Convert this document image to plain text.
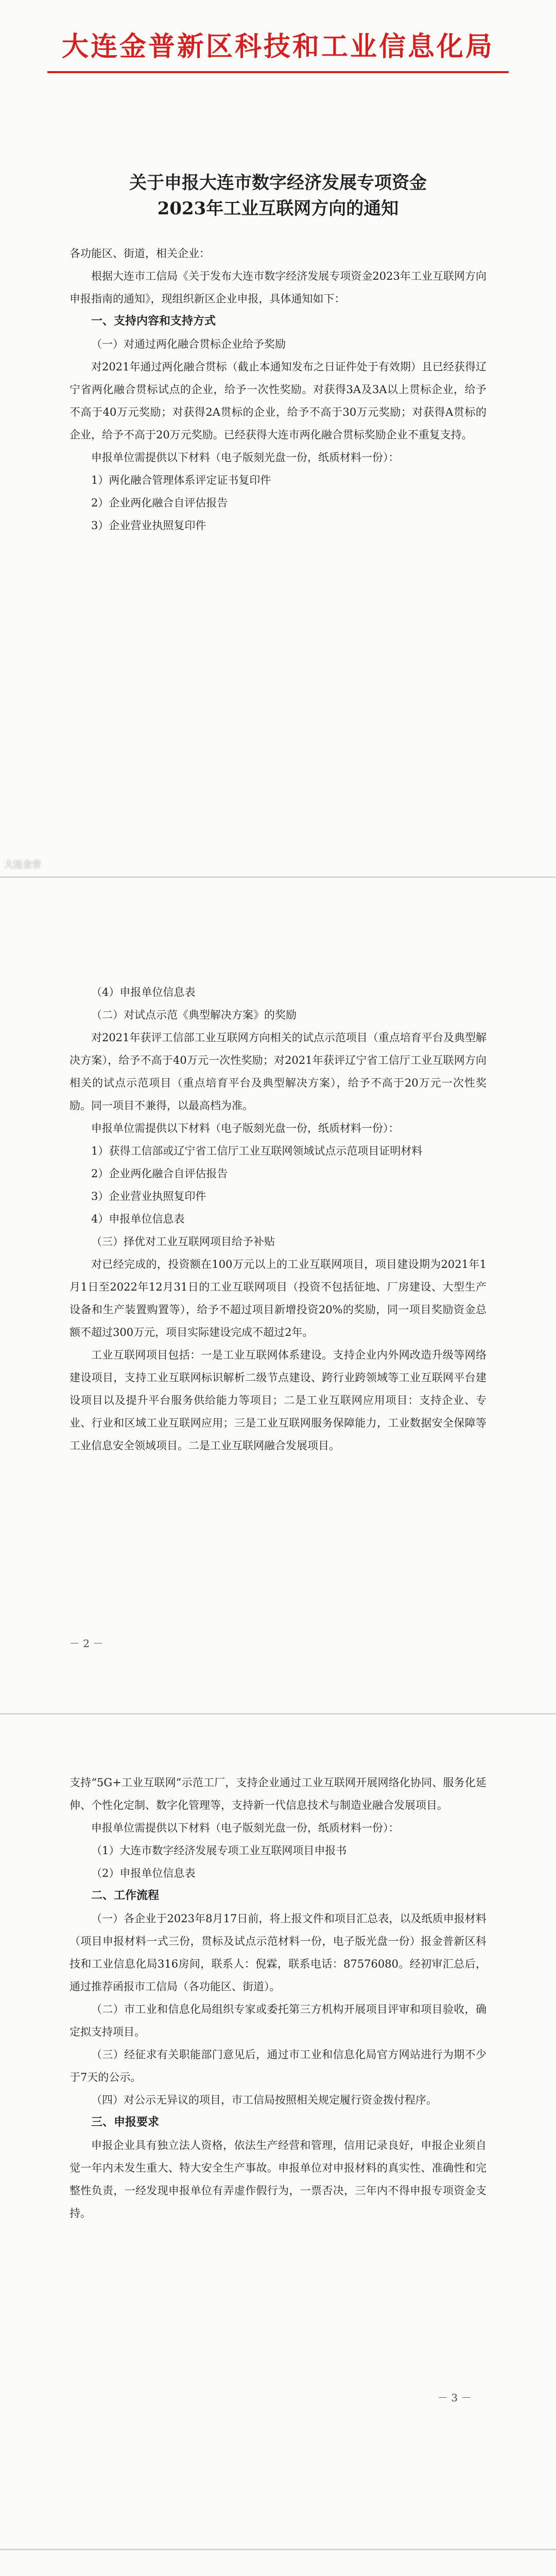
大连金普新区科技和工业信息化局
关于申报大连市数字经济发展专项资金
2023年工业互联网方向的通知

各功能区、街道，相关企业：

根据大连市工信局《关于发布大连市数字经济发展专项资金2023年工业互联网方向申报指南的通知》，现组织新区企业申报，具体通知如下：

一、支持内容和支持方式

（一）对通过两化融合贯标企业给予奖励

对2021年通过两化融合贯标（截止本通知发布之日证件处于有效期）且已经获得辽宁省两化融合贯标试点的企业，给予一次性奖励。对获得3A及3A以上贯标企业，给予不高于40万元奖励；对获得2A贯标的企业，给予不高于30万元奖励；对获得A贯标的企业，给予不高于20万元奖励。已经获得大连市两化融合贯标奖励企业不重复支持。

申报单位需提供以下材料（电子版刻光盘一份，纸质材料一份）：

1）两化融合管理体系评定证书复印件

2）企业两化融合自评估报告

3）企业营业执照复印件

大连金普

（4）申报单位信息表

（二）对试点示范《典型解决方案》的奖励

对2021年获评工信部工业互联网方向相关的试点示范项目（重点培育平台及典型解决方案），给予不高于40万元一次性奖励；对2021年获评辽宁省工信厅工业互联网方向相关的试点示范项目（重点培育平台及典型解决方案），给予不高于20万元一次性奖励。同一项目不兼得，以最高档为准。

申报单位需提供以下材料（电子版刻光盘一份，纸质材料一份）：

1）获得工信部或辽宁省工信厅工业互联网领域试点示范项目证明材料

2）企业两化融合自评估报告

3）企业营业执照复印件

4）申报单位信息表

（三）择优对工业互联网项目给予补贴

对已经完成的，投资额在100万元以上的工业互联网项目，项目建设期为2021年1月1日至2022年12月31日的工业互联网项目（投资不包括征地、厂房建设、大型生产设备和生产装置购置等），给予不超过项目新增投资20%的奖励，同一项目奖励资金总额不超过300万元，项目实际建设完成不超过2年。

工业互联网项目包括：一是工业互联网体系建设。支持企业内外网改造升级等网络建设项目，支持工业互联网标识解析二级节点建设、跨行业跨领域等工业互联网平台建设项目以及提升平台服务供给能力等项目；二是工业互联网应用项目：支持企业、专业、行业和区域工业互联网应用；三是工业互联网服务保障能力，工业数据安全保障等工业信息安全领域项目。二是工业互联网融合发展项目。

－ 2 －

支持“5G+工业互联网”示范工厂，支持企业通过工业互联网开展网络化协同、服务化延伸、个性化定制、数字化管理等，支持新一代信息技术与制造业融合发展项目。

申报单位需提供以下材料（电子版刻光盘一份，纸质材料一份）：

（1）大连市数字经济发展专项工业互联网项目申报书

（2）申报单位信息表

二、工作流程

（一）各企业于2023年8月17日前，将上报文件和项目汇总表，以及纸质申报材料（项目申报材料一式三份，贯标及试点示范材料一份，电子版光盘一份）报金普新区科技和工业信息化局316房间，联系人：倪霖，联系电话：87576080。经初审汇总后，通过推荐函报市工信局（各功能区、街道）。

（二）市工业和信息化局组织专家或委托第三方机构开展项目评审和项目验收，确定拟支持项目。

（三）经征求有关职能部门意见后，通过市工业和信息化局官方网站进行为期不少于7天的公示。

（四）对公示无异议的项目，市工信局按照相关规定履行资金拨付程序。

三、申报要求

申报企业具有独立法人资格，依法生产经营和管理，信用记录良好，申报企业须自觉一年内未发生重大、特大安全生产事故。申报单位对申报材料的真实性、准确性和完整性负责，一经发现申报单位有弄虚作假行为，一票否决，三年内不得申报专项资金支持。

－ 3 －
